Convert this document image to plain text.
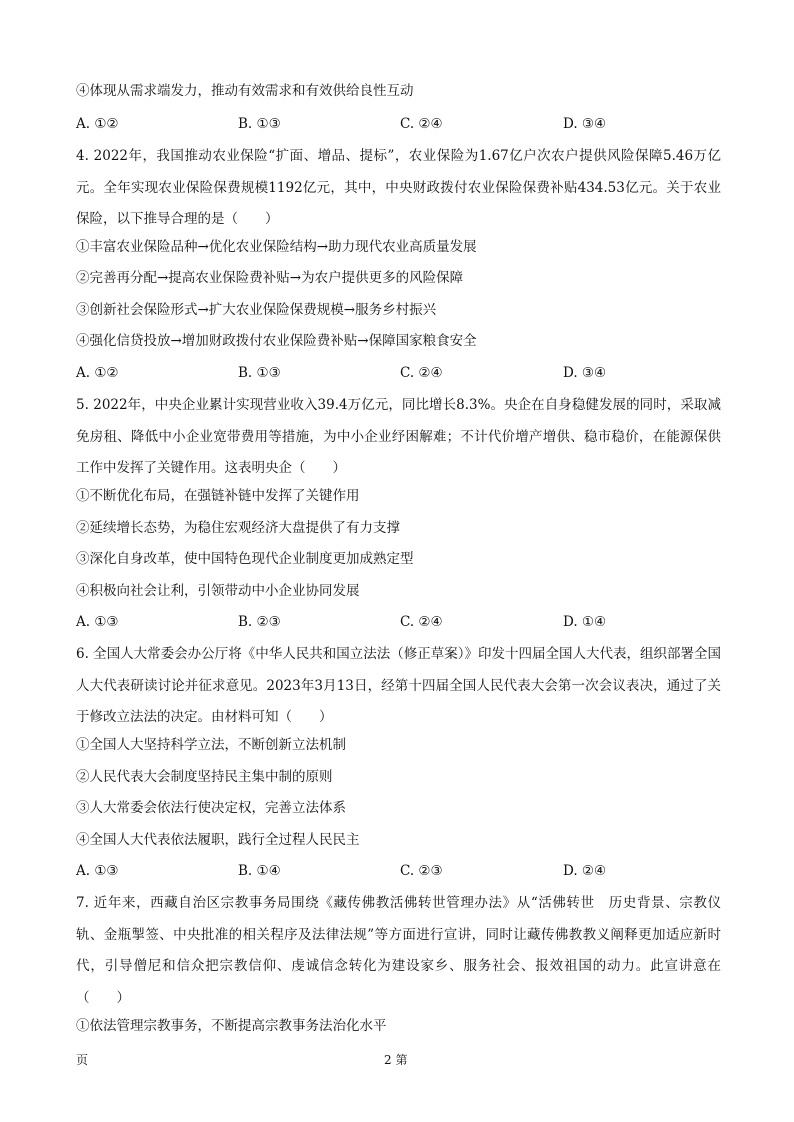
④体现从需求端发力，推动有效需求和有效供给良性互动
A. ①②	B. ①③	C. ②④	D. ③④
4. 2022年，我国推动农业保险“扩面、增品、提标”，农业保险为1.67亿户次农户提供风险保障5.46万亿元。全年实现农业保险保费规模1192亿元，其中，中央财政拨付农业保险保费补贴434.53亿元。关于农业保险，以下推导合理的是（　　）
①丰富农业保险品种→优化农业保险结构→助力现代农业高质量发展
②完善再分配→提高农业保险费补贴→为农户提供更多的风险保障
③创新社会保险形式→扩大农业保险保费规模→服务乡村振兴
④强化信贷投放→增加财政拨付农业保险费补贴→保障国家粮食安全
A. ①②	B. ①③	C. ②④	D. ③④
5. 2022年，中央企业累计实现营业收入39.4万亿元，同比增长8.3%。央企在自身稳健发展的同时，采取减免房租、降低中小企业宽带费用等措施，为中小企业纾困解难；不计代价增产增供、稳市稳价，在能源保供工作中发挥了关键作用。这表明央企（　　）
①不断优化布局，在强链补链中发挥了关键作用
②延续增长态势，为稳住宏观经济大盘提供了有力支撑
③深化自身改革，使中国特色现代企业制度更加成熟定型
④积极向社会让利，引领带动中小企业协同发展
A. ①③	B. ②③	C. ②④	D. ①④
6. 全国人大常委会办公厅将《中华人民共和国立法法（修正草案）》印发十四届全国人大代表，组织部署全国人大代表研读讨论并征求意见。2023年3月13日，经第十四届全国人民代表大会第一次会议表决，通过了关于修改立法法的决定。由材料可知（　　）
①全国人大坚持科学立法，不断创新立法机制
②人民代表大会制度坚持民主集中制的原则
③人大常委会依法行使决定权，完善立法体系
④全国人大代表依法履职，践行全过程人民民主
A. ①③	B. ①④	C. ②③	D. ②④
7. 近年来，西藏自治区宗教事务局围绕《藏传佛教活佛转世管理办法》从“活佛转世　历史背景、宗教仪轨、金瓶掣签、中央批准的相关程序及法律法规”等方面进行宣讲，同时让藏传佛教教义阐释更加适应新时代，引导僧尼和信众把宗教信仰、虔诚信念转化为建设家乡、服务社会、报效祖国的动力。此宣讲意在（　　）
①依法管理宗教事务，不断提高宗教事务法治化水平
页	2 第
